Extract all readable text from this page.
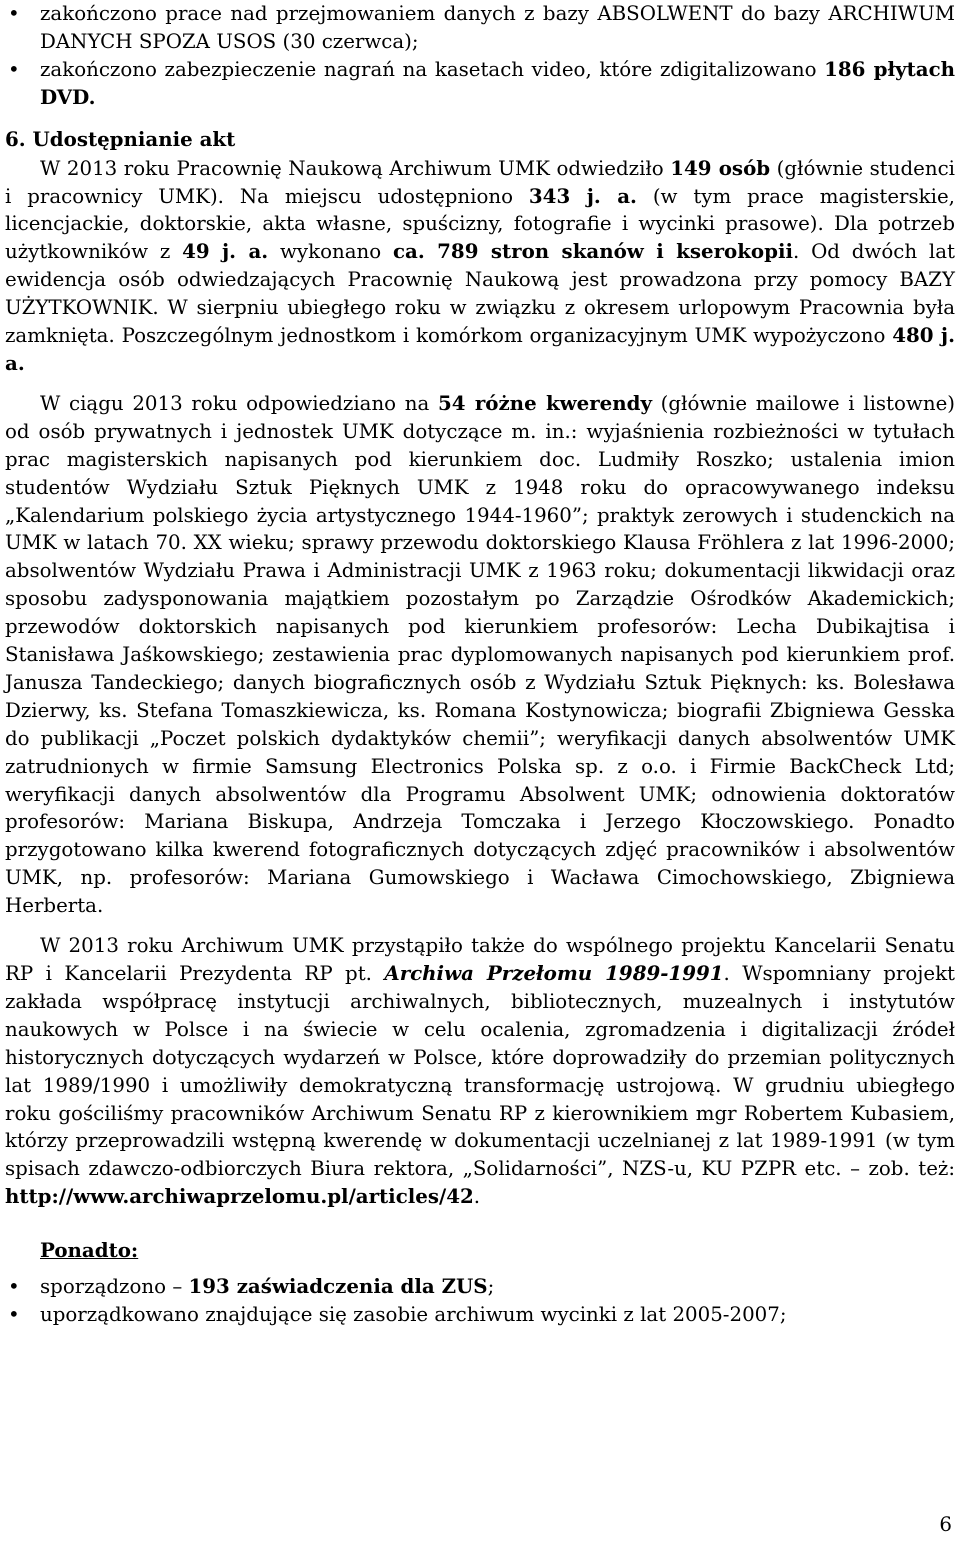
• zakończono prace nad przejmowaniem danych z bazy ABSOLWENT do bazy ARCHIWUM DANYCH SPOZA USOS (30 czerwca);
• zakończono zabezpieczenie nagrań na kasetach video, które zdigitalizowano 186 płytach DVD.

6. Udostępnianie akt

W 2013 roku Pracownię Naukową Archiwum UMK odwiedziło 149 osób (głównie studenci i pracownicy UMK). Na miejscu udostępniono 343 j. a. (w tym prace magisterskie, licencjackie, doktorskie, akta własne, spuścizny, fotografie i wycinki prasowe). Dla potrzeb użytkowników z 49 j. a. wykonano ca. 789 stron skanów i kserokopii. Od dwóch lat ewidencja osób odwiedzających Pracownię Naukową jest prowadzona przy pomocy BAZY UŻYTKOWNIK. W sierpniu ubiegłego roku w związku z okresem urlopowym Pracownia była zamknięta. Poszczególnym jednostkom i komórkom organizacyjnym UMK wypożyczono 480 j. a.

W ciągu 2013 roku odpowiedziano na 54 różne kwerendy (głównie mailowe i listowne) od osób prywatnych i jednostek UMK dotyczące m. in.: wyjaśnienia rozbieżności w tytułach prac magisterskich napisanych pod kierunkiem doc. Ludmiły Roszko; ustalenia imion studentów Wydziału Sztuk Pięknych UMK z 1948 roku do opracowywanego indeksu „Kalendarium polskiego życia artystycznego 1944-1960”; praktyk zerowych i studenckich na UMK w latach 70. XX wieku; sprawy przewodu doktorskiego Klausa Fröhlera z lat 1996-2000; absolwentów Wydziału Prawa i Administracji UMK z 1963 roku; dokumentacji likwidacji oraz sposobu zadysponowania majątkiem pozostałym po Zarządzie Ośrodków Akademickich; przewodów doktorskich napisanych pod kierunkiem profesorów: Lecha Dubikajtisa i Stanisława Jaśkowskiego; zestawienia prac dyplomowanych napisanych pod kierunkiem prof. Janusza Tandeckiego; danych biograficznych osób z Wydziału Sztuk Pięknych: ks. Bolesława Dzierwy, ks. Stefana Tomaszkiewicza, ks. Romana Kostynowicza; biografii Zbigniewa Gesska do publikacji „Poczet polskich dydaktyków chemii”; weryfikacji danych absolwentów UMK zatrudnionych w firmie Samsung Electronics Polska sp. z o.o. i Firmie BackCheck Ltd; weryfikacji danych absolwentów dla Programu Absolwent UMK; odnowienia doktoratów profesorów: Mariana Biskupa, Andrzeja Tomczaka i Jerzego Kłoczowskiego. Ponadto przygotowano kilka kwerend fotograficznych dotyczących zdjęć pracowników i absolwentów UMK, np. profesorów: Mariana Gumowskiego i Wacława Cimochowskiego, Zbigniewa Herberta.

W 2013 roku Archiwum UMK przystąpiło także do wspólnego projektu Kancelarii Senatu RP i Kancelarii Prezydenta RP pt. Archiwa Przełomu 1989-1991. Wspomniany projekt zakłada współpracę instytucji archiwalnych, bibliotecznych, muzealnych i instytutów naukowych w Polsce i na świecie w celu ocalenia, zgromadzenia i digitalizacji źródeł historycznych dotyczących wydarzeń w Polsce, które doprowadziły do przemian politycznych lat 1989/1990 i umożliwiły demokratyczną transformację ustrojową. W grudniu ubiegłego roku gościliśmy pracowników Archiwum Senatu RP z kierownikiem mgr Robertem Kubasiem, którzy przeprowadzili wstępną kwerendę w dokumentacji uczelnianej z lat 1989-1991 (w tym spisach zdawczo-odbiorczych Biura rektora, „Solidarności”, NZS-u, KU PZPR etc. – zob. też: http://www.archiwaprzelomu.pl/articles/42.

Ponadto:

• sporządzono – 193 zaświadczenia dla ZUS;
• uporządkowano znajdujące się zasobie archiwum wycinki z lat 2005-2007;
6
